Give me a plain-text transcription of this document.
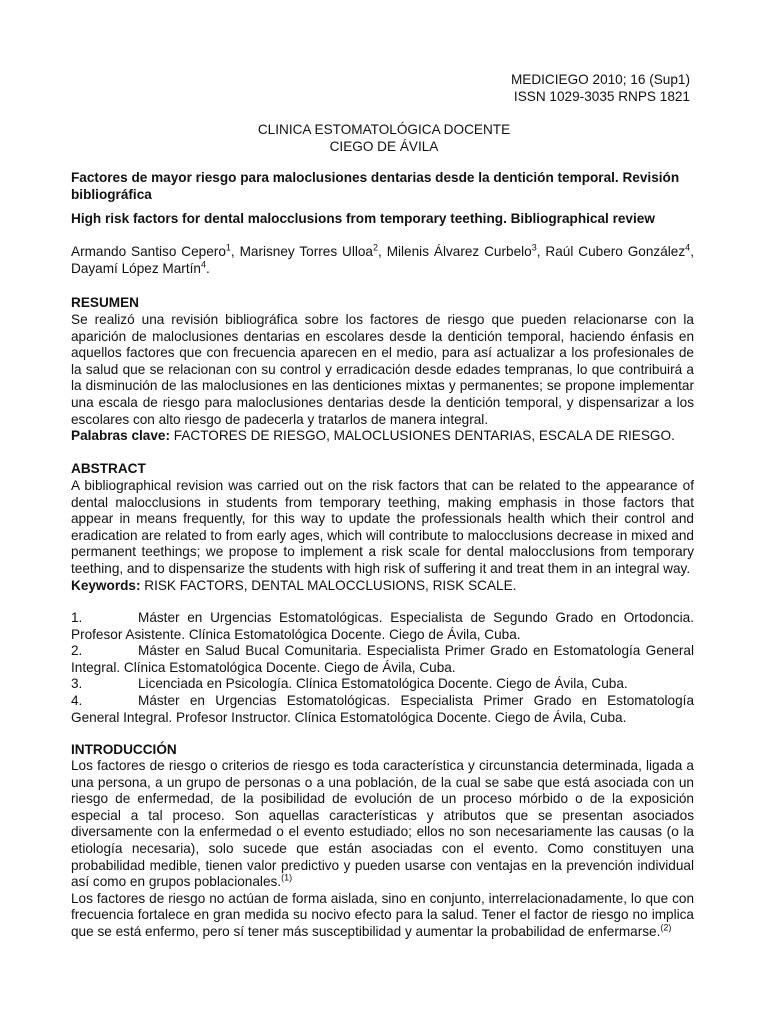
MEDICIEGO 2010; 16 (Sup1)
ISSN 1029-3035 RNPS 1821
CLINICA ESTOMATOLÓGICA DOCENTE
CIEGO DE ÁVILA
Factores de mayor riesgo para maloclusiones dentarias desde la dentición temporal. Revisión bibliográfica
High risk factors for dental malocclusions from temporary teething. Bibliographical review
Armando Santiso Cepero$^1$, Marisney Torres Ulloa$^2$, Milenis Álvarez Curbelo$^3$, Raúl Cubero González$^4$, Dayamí López Martín$^4$.
RESUMEN

Se realizó una revisión bibliográfica sobre los factores de riesgo que pueden relacionarse con la aparición de maloclusiones dentarias en escolares desde la dentición temporal, haciendo énfasis en aquellos factores que con frecuencia aparecen en el medio, para así actualizar a los profesionales de la salud que se relacionan con su control y erradicación desde edades tempranas, lo que contribuirá a la disminución de las maloclusiones en las denticiones mixtas y permanentes; se propone implementar una escala de riesgo para maloclusiones dentarias desde la dentición temporal, y dispensarizar a los escolares con alto riesgo de padecerla y tratarlos de manera integral.

Palabras clave: FACTORES DE RIESGO, MALOCLUSIONES DENTARIAS, ESCALA DE RIESGO.

ABSTRACT

A bibliographical revision was carried out on the risk factors that can be related to the appearance of dental malocclusions in students from temporary teething, making emphasis in those factors that appear in means frequently, for this way to update the professionals health which their control and eradication are related to from early ages, which will contribute to malocclusions decrease in mixed and permanent teethings; we propose to implement a risk scale for dental malocclusions from temporary teething, and to dispensarize the students with high risk of suffering it and treat them in an integral way.

Keywords: RISK FACTORS, DENTAL MALOCCLUSIONS, RISK SCALE.

1.	Máster en Urgencias Estomatológicas. Especialista de Segundo Grado en Ortodoncia. Profesor Asistente. Clínica Estomatológica Docente. Ciego de Ávila, Cuba.

2.	Máster en Salud Bucal Comunitaria. Especialista Primer Grado en Estomatología General Integral. Clínica Estomatológica Docente. Ciego de Ávila, Cuba.

3.	Licenciada en Psicología. Clínica Estomatológica Docente. Ciego de Ávila, Cuba.

4.	Máster en Urgencias Estomatológicas. Especialista Primer Grado en Estomatología General Integral. Profesor Instructor. Clínica Estomatológica Docente. Ciego de Ávila, Cuba.

INTRODUCCIÓN

Los factores de riesgo o criterios de riesgo es toda característica y circunstancia determinada, ligada a una persona, a un grupo de personas o a una población, de la cual se sabe que está asociada con un riesgo de enfermedad, de la posibilidad de evolución de un proceso mórbido o de la exposición especial a tal proceso. Son aquellas características y atributos que se presentan asociados diversamente con la enfermedad o el evento estudiado; ellos no son necesariamente las causas (o la etiología necesaria), solo sucede que están asociadas con el evento. Como constituyen una probabilidad medible, tienen valor predictivo y pueden usarse con ventajas en la prevención individual así como en grupos poblacionales.$^{(1)}$

Los factores de riesgo no actúan de forma aislada, sino en conjunto, interrelacionadamente, lo que con frecuencia fortalece en gran medida su nocivo efecto para la salud. Tener el factor de riesgo no implica que se está enfermo, pero sí tener más susceptibilidad y aumentar la probabilidad de enfermarse.$^{(2)}$
